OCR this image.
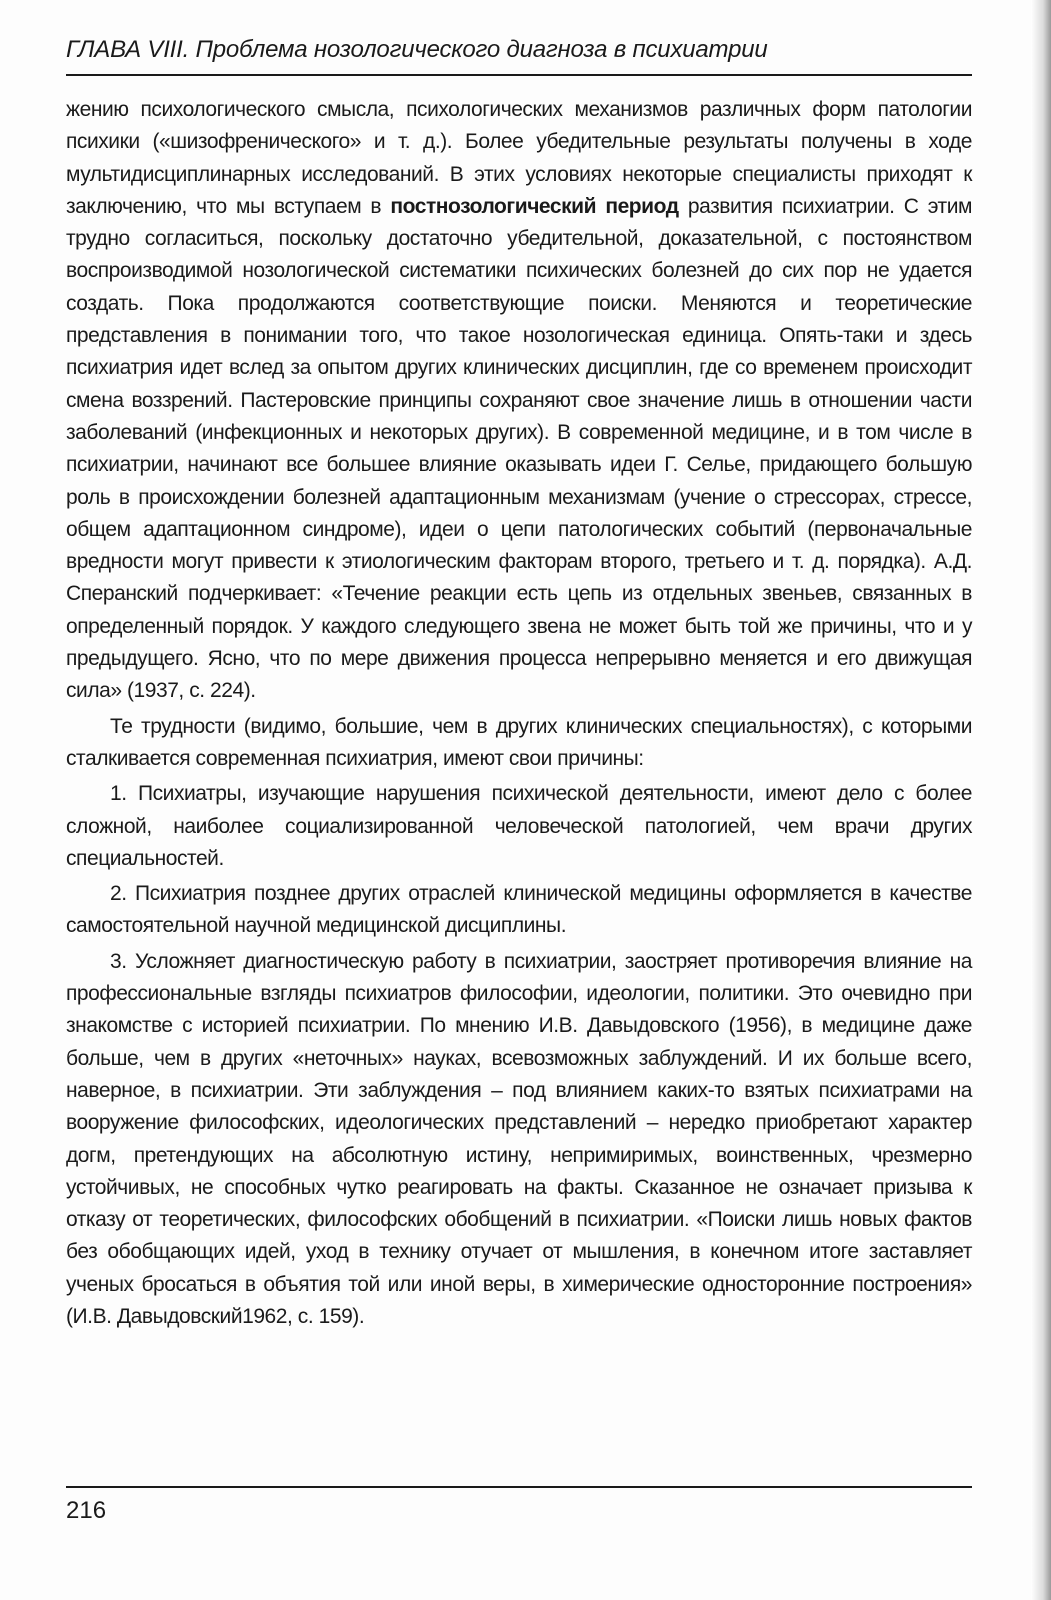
ГЛАВА VIII. Проблема нозологического диагноза в психиатрии

жению психологического смысла, психологических механизмов различных форм патологии психики («шизофренического» и т. д.). Более убедительные результаты получены в ходе мультидисциплинарных исследований. В этих условиях некоторые специалисты приходят к заключению, что мы вступаем в постнозологический период развития психиатрии. С этим трудно согласиться, поскольку достаточно убедительной, доказательной, с постоянством воспроизводимой нозологической систематики психических болезней до сих пор не удается создать. Пока продолжаются соответствующие поиски. Меняются и теоретические представления в понимании того, что такое нозологическая единица. Опять-таки и здесь психиатрия идет вслед за опытом других клинических дисциплин, где со временем происходит смена воззрений. Пастеровские принципы сохраняют свое значение лишь в отношении части заболеваний (инфекционных и некоторых других). В современной медицине, и в том числе в психиатрии, начинают все большее влияние оказывать идеи Г. Селье, придающего большую роль в происхождении болезней адаптационным механизмам (учение о стрессорах, стрессе, общем адаптационном синдроме), идеи о цепи патологических событий (первоначальные вредности могут привести к этиологическим факторам второго, третьего и т. д. порядка). А.Д. Сперанский подчеркивает: «Течение реакции есть цепь из отдельных звеньев, связанных в определенный порядок. У каждого следующего звена не может быть той же причины, что и у предыдущего. Ясно, что по мере движения процесса непрерывно меняется и его движущая сила» (1937, с. 224).

Те трудности (видимо, большие, чем в других клинических специальностях), с которыми сталкивается современная психиатрия, имеют свои причины:

1. Психиатры, изучающие нарушения психической деятельности, имеют дело с более сложной, наиболее социализированной человеческой патологией, чем врачи других специальностей.

2. Психиатрия позднее других отраслей клинической медицины оформляется в качестве самостоятельной научной медицинской дисциплины.

3. Усложняет диагностическую работу в психиатрии, заостряет противоречия влияние на профессиональные взгляды психиатров философии, идеологии, политики. Это очевидно при знакомстве с историей психиатрии. По мнению И.В. Давыдовского (1956), в медицине даже больше, чем в других «неточных» науках, всевозможных заблуждений. И их больше всего, наверное, в психиатрии. Эти заблуждения – под влиянием каких-то взятых психиатрами на вооружение философских, идеологических представлений – нередко приобретают характер догм, претендующих на абсолютную истину, непримиримых, воинственных, чрезмерно устойчивых, не способных чутко реагировать на факты. Сказанное не означает призыва к отказу от теоретических, философских обобщений в психиатрии. «Поиски лишь новых фактов без обобщающих идей, уход в технику отучает от мышления, в конечном итоге заставляет ученых бросаться в объятия той или иной веры, в химерические односторонние построения» (И.В. Давыдовский1962, с. 159).

216
